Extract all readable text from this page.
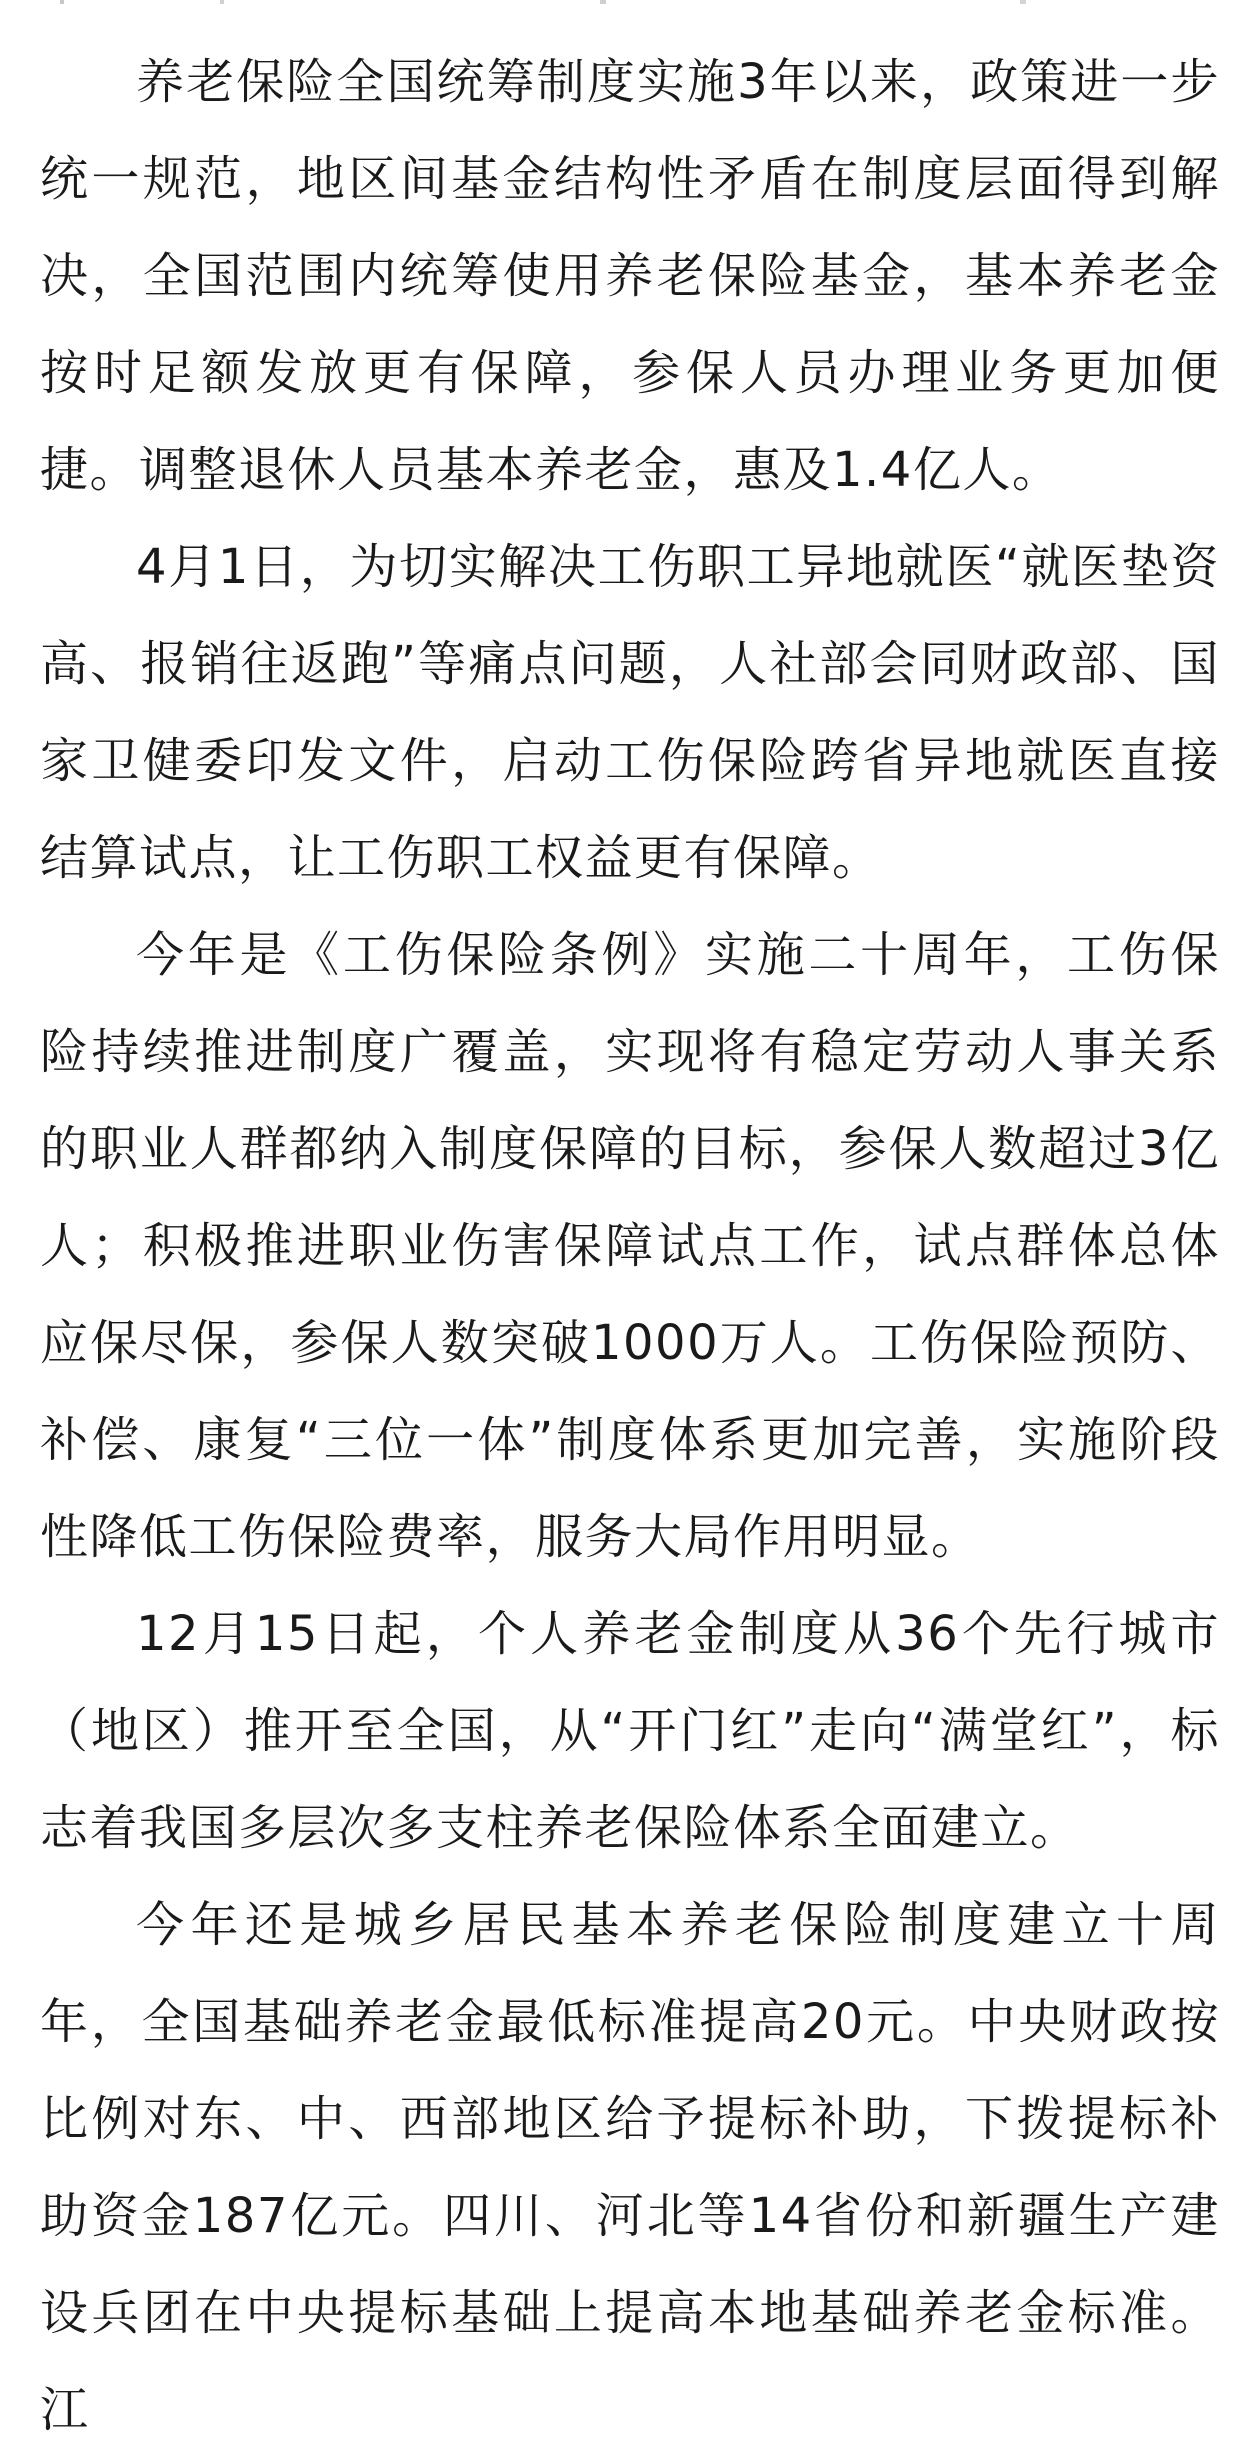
养老保险全国统筹制度实施3年以来，政策进一步统一规范，地区间基金结构性矛盾在制度层面得到解决，全国范围内统筹使用养老保险基金，基本养老金按时足额发放更有保障，参保人员办理业务更加便捷。调整退休人员基本养老金，惠及1.4亿人。

4月1日，为切实解决工伤职工异地就医“就医垫资高、报销往返跑”等痛点问题，人社部会同财政部、国家卫健委印发文件，启动工伤保险跨省异地就医直接结算试点，让工伤职工权益更有保障。

今年是《工伤保险条例》实施二十周年，工伤保险持续推进制度广覆盖，实现将有稳定劳动人事关系的职业人群都纳入制度保障的目标，参保人数超过3亿人；积极推进职业伤害保障试点工作，试点群体总体应保尽保，参保人数突破1000万人。工伤保险预防、补偿、康复“三位一体”制度体系更加完善，实施阶段性降低工伤保险费率，服务大局作用明显。

12月15日起，个人养老金制度从36个先行城市（地区）推开至全国，从“开门红”走向“满堂红”，标志着我国多层次多支柱养老保险体系全面建立。

今年还是城乡居民基本养老保险制度建立十周年，全国基础养老金最低标准提高20元。中央财政按比例对东、中、西部地区给予提标补助，下拨提标补助资金187亿元。四川、河北等14省份和新疆生产建设兵团在中央提标基础上提高本地基础养老金标准。江
